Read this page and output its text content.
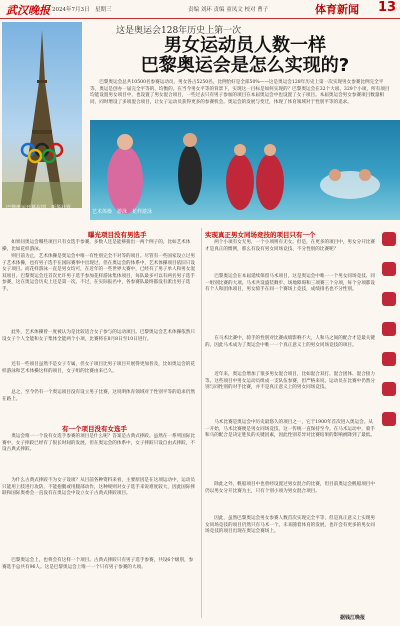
武汉晚报 2024年7月3日　星期三	责编 刘环 责编 童凤文 校对 曹子	体育新闻 13
巴黎奥运开幕在即。新华社发
这是奥运会128年历史上第一次
男女运动员人数一样
巴黎奥运会是怎么实现的?

巴黎奥运会总共10500名参赛运动员，男女各占5250名，比例恰好是全部50%——这是奥运会128年历史上第一次实现男女参赛比例完全平等。奥运是创办一届完全平等的、均衡的。在当今男女平等的背景下，实现这一目标是如何实现的？巴黎奥运会在32个大项、329个小项，所有项目均能设置男女项目中，也设置了男女混合项目，一些过去只有男子参加的项目在本届奥运会中也设置了女子项目。本届奥运会男女参赛项目数量相同，同时增设了多项混合项目，让女子运动员获得更多的参赛机会。奥运会的发展与变迁，体现了体育领域对于性别平等的追求。

艺术体操　游泳　花样游泳
曝光项目没有男选手

如果问奥运会哪些项目只有女选手参赛，多数人还是能够猜出一两个例子的。比如艺术体操，比如花样游泳。

则目前为止，艺术体操是奥运会中唯一有性别完全不对等的项目。尽管有一些国家设立过男子艺术体操，也有男子选手在国际赛事中出现过，但在奥运会的体系中，艺术体操项目依旧只设女子项目。而花样游泳一直是男女均可，在近年的一些世界大赛中，已经有了男子单人和男女混双项目。巴黎奥运会还首次允许男子选手参加花样游泳集体项目，每队最多可以有两名男子选手参赛，这在奥运会历史上还是第一次。不过，在实际报名中，各参赛队最终都没有派出男子选手。

此外，艺术体操曾一度被认为是比较适合女子参与的运动项目。巴黎奥运会艺术体操依然只设女子个人全能和女子集体全能两个小项，比赛将在8月8日至10日进行。

还有一些项目虽然不是女子专属，但女子项目比男子项目开展得更加普及，比如奥运会的花样游泳和艺术体操这样的项目，女子组的比赛由来已久。

总之，至今仍有一个奥运项目没有设立男子比赛，这说明体育领域对于性别平等的追求仍然在路上。

有一个项目没有女选手

奥运会唯一一个没有女选手参赛的项目是什么呢？答案是古典式摔跤。虽然在一系列国际比赛中，女子摔跤已经有了很长时间的发展，但在奥运会的体系中，女子摔跤只设自由式摔跤，不设古典式摔跤。

为什么古典式摔跤不为女子设项？从目前各种资料来看，主要原因是在这项运动中，运动员只能用上肢进行攻防，不能抱腿或用腿部动作，这种规则对女子选手来说难度较大，因此国际摔联和国际奥委会一直没有在奥运会中设立女子古典式摔跤项目。

巴黎奥运会上，也将会有这样一个项目。古典式摔跤只有男子选手参赛，共设6个级别，参赛选手总共有96人。这是巴黎奥运会上唯一一个只有男子参赛的大项。

实现真正男女同场竞技的项目只有一个

两个小项有女无男，一个小项则有无女。但是，在更多的项目中，男女分开比赛才是真正的惯例，那么有没有男女同场竞技、不分性别的比赛呢？

巴黎奥运会在本届延续保留马术项目，这是奥运会中唯一一个男女同场竞技、同一组别比赛的大项。马术共设盛装舞步、场地障碍和三项赛三个分项，每个分项都设有个人和团体项目，男女骑手在同一个赛场上竞技，成绩排名也不分性别。

在马术比赛中，骑手的性别对比赛成绩影响不大，人和马之间的配合才是最关键的。因此马术成为了奥运会中唯一一个真正意义上的男女同场竞技的项目。

近年来，奥运会增加了很多男女混合项目，比如混合双打、混合团体、混合接力等。这些项目中男女运动员组成一支队伍参赛，但严格来说，运动员在比赛中仍然分别与同性别的对手比赛，并不是真正意义上的男女同场竞技。

马术比赛是奥运会中历史最悠久的项目之一，它于1900年首次进入奥运会。从一开始，马术比赛便是男女同场竞技，这一传统一直保持至今。在马术运动中，骑手和马的配合是决定胜负的关键因素，因此性别差异对比赛结果的影响被降到了最低。

除此之外，帆船项目中也曾经设置过男女混合的比赛，但目前奥运会帆船项目中仍以男女分开比赛为主，只有个别小项为男女混合项目。

因此，虽然巴黎奥运会男女参赛人数首次实现完全平等，但是真正意义上实现男女同场竞技的项目仍然只有马术一个。未来随着体育的发展，也许会有更多的男女同场竞技的项目出现在奥运会赛场上。

据钱江晚报
